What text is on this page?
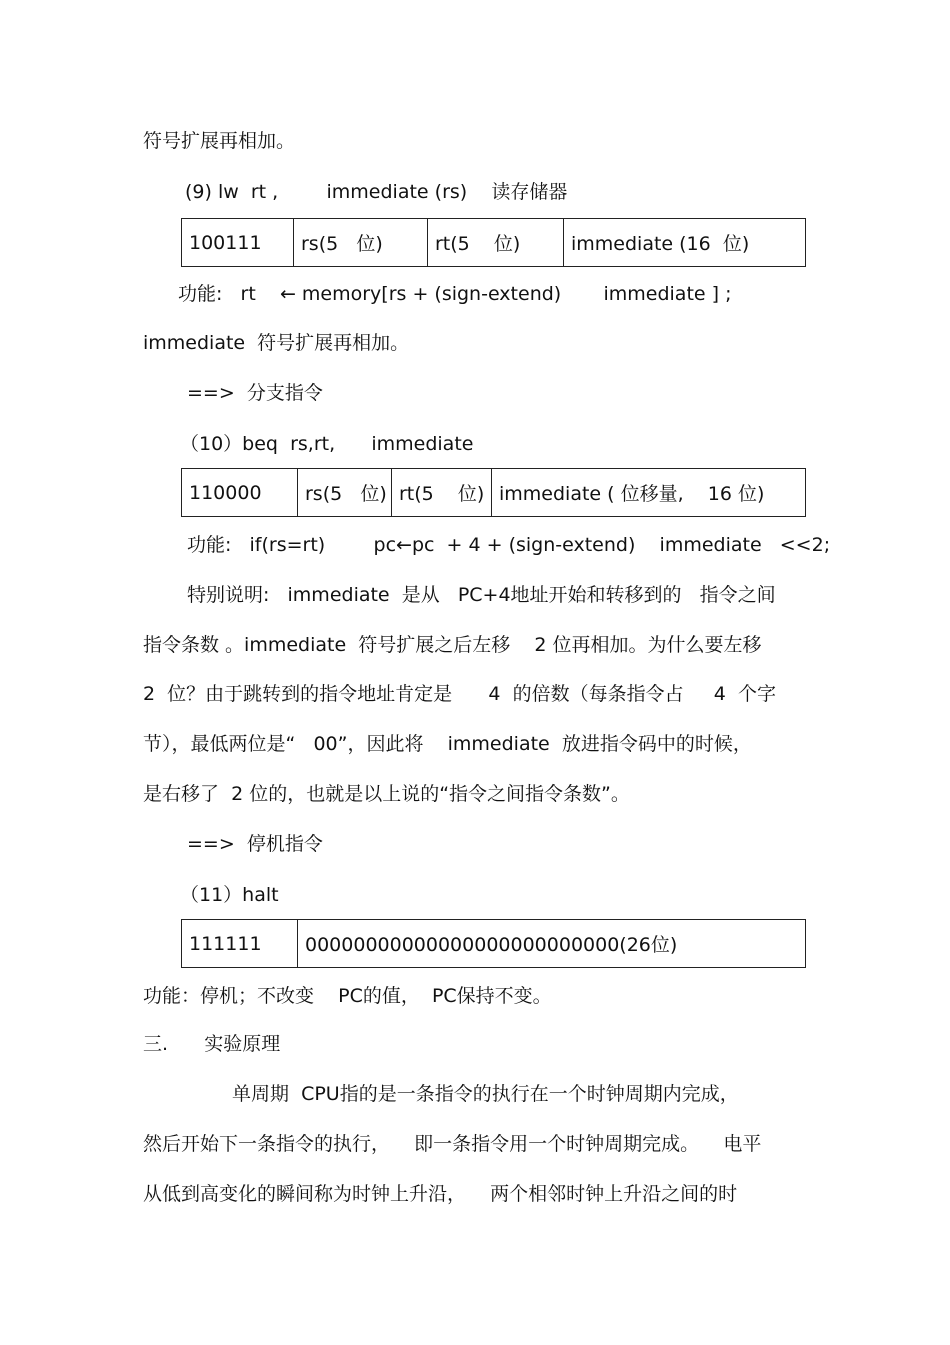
符号扩展再相加。
(9) lw  rt ,        immediate (rs)    读存储器
100111	rs(5   位)	rt(5    位)	immediate (16  位)
功能:   rt    ← memory[rs + (sign-extend)       immediate ] ;
immediate  符号扩展再相加。
==>  分支指令
（10）beq  rs,rt,      immediate
110000	rs(5   位)	rt(5    位)	immediate ( 位移量,    16 位)
功能:   if(rs=rt)        pc←pc  + 4 + (sign-extend)    immediate   <<2;
特别说明:   immediate  是从   PC+4地址开始和转移到的   指令之间
指令条数 。immediate  符号扩展之后左移    2 位再相加。为什么要左移
2  位？由于跳转到的指令地址肯定是      4  的倍数（每条指令占     4  个字
节），最低两位是“   00”，因此将    immediate  放进指令码中的时候，
是右移了  2 位的，也就是以上说的“指令之间指令条数”。
==>  停机指令
（11）halt
111111	00000000000000000000000000(26位)
功能：停机；不改变    PC的值，  PC保持不变。
三.      实验原理
单周期  CPU指的是一条指令的执行在一个时钟周期内完成，
然后开始下一条指令的执行，    即一条指令用一个时钟周期完成。    电平
从低到高变化的瞬间称为时钟上升沿，    两个相邻时钟上升沿之间的时
